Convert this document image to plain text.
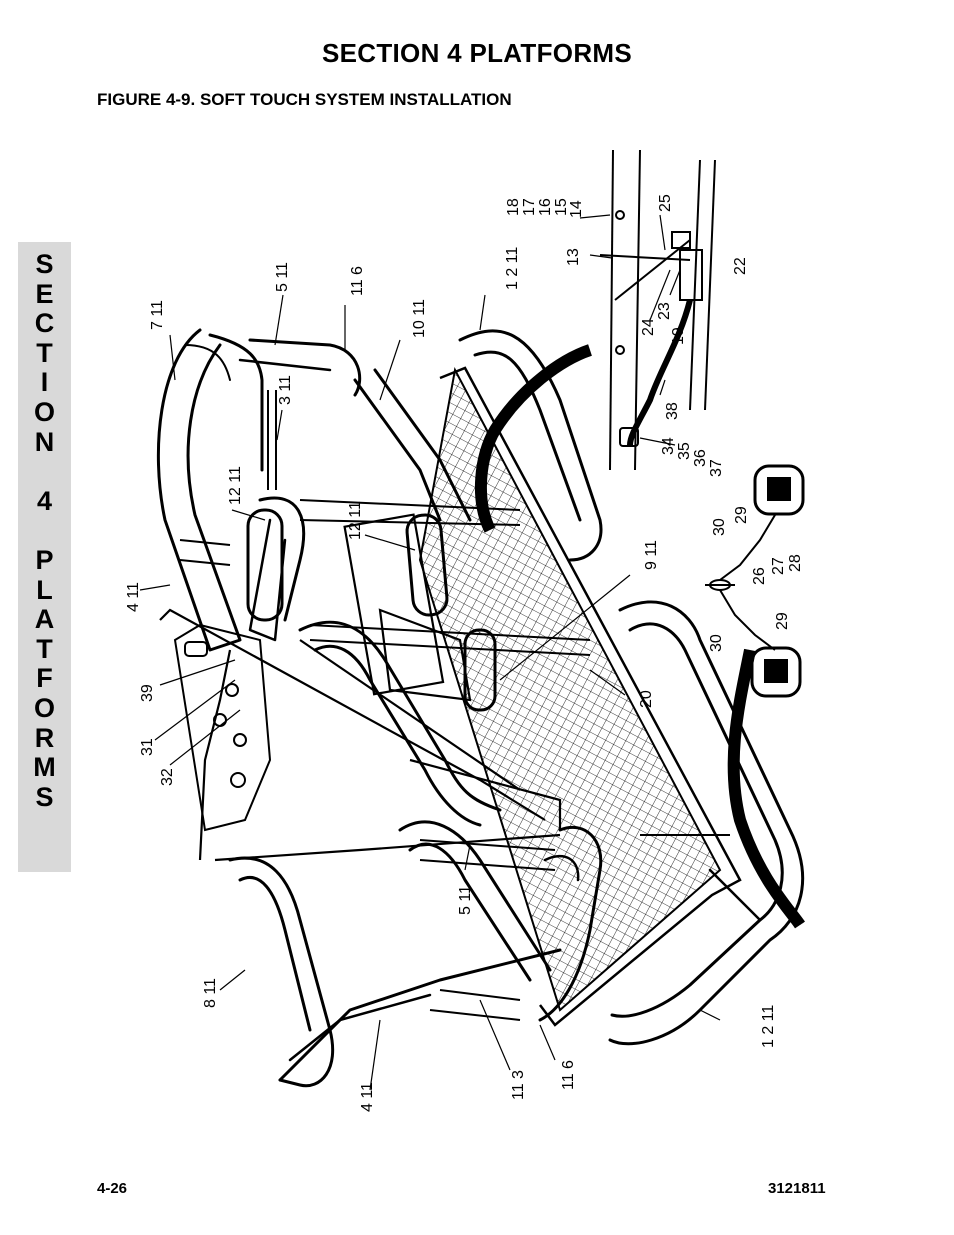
SECTION 4 PLATFORMS
FIGURE 4-9. SOFT TOUCH SYSTEM INSTALLATION
S
E
C
T
I
O
N
4
P
L
A
T
F
O
R
M
S
7 11
5 11	11 6	1 2 11
10 11
3 11
12 11
12 11
4 11
9 11
20
39
31
32
5 11
8 11
4 11	11 3 11 6
1 2 11
18 17 16 15
14
13
25
22
24
23
19
38
34 35 36
37
30
29
26
27 28
30
29
4-26	3121811
